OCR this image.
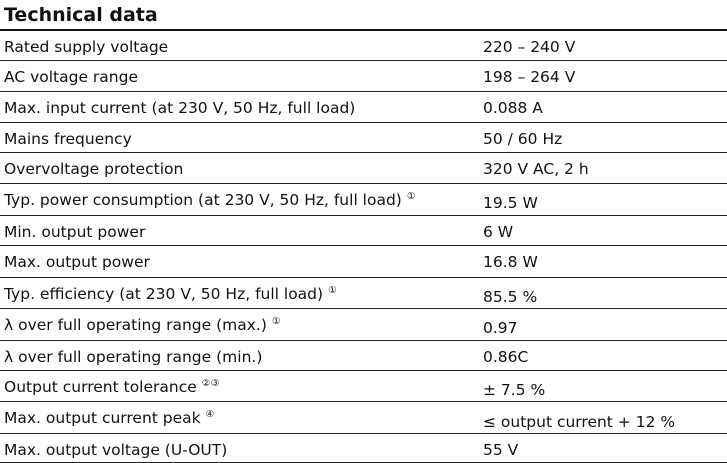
Technical data
Rated supply voltage	220 – 240 V
AC voltage range	198 – 264 V
Max. input current (at 230 V, 50 Hz, full load)	0.088 A
Mains frequency	50 / 60 Hz
Overvoltage protection	320 V AC, 2 h
Typ. power consumption (at 230 V, 50 Hz, full load) ①	19.5 W
Min. output power	6 W
Max. output power	16.8 W
Typ. efficiency (at 230 V, 50 Hz, full load) ①	85.5 %
λ over full operating range (max.) ①	0.97
λ over full operating range (min.)	0.86C
Output current tolerance ②③	± 7.5 %
Max. output current peak ④	≤ output current + 12 %
Max. output voltage (U-OUT)	55 V
